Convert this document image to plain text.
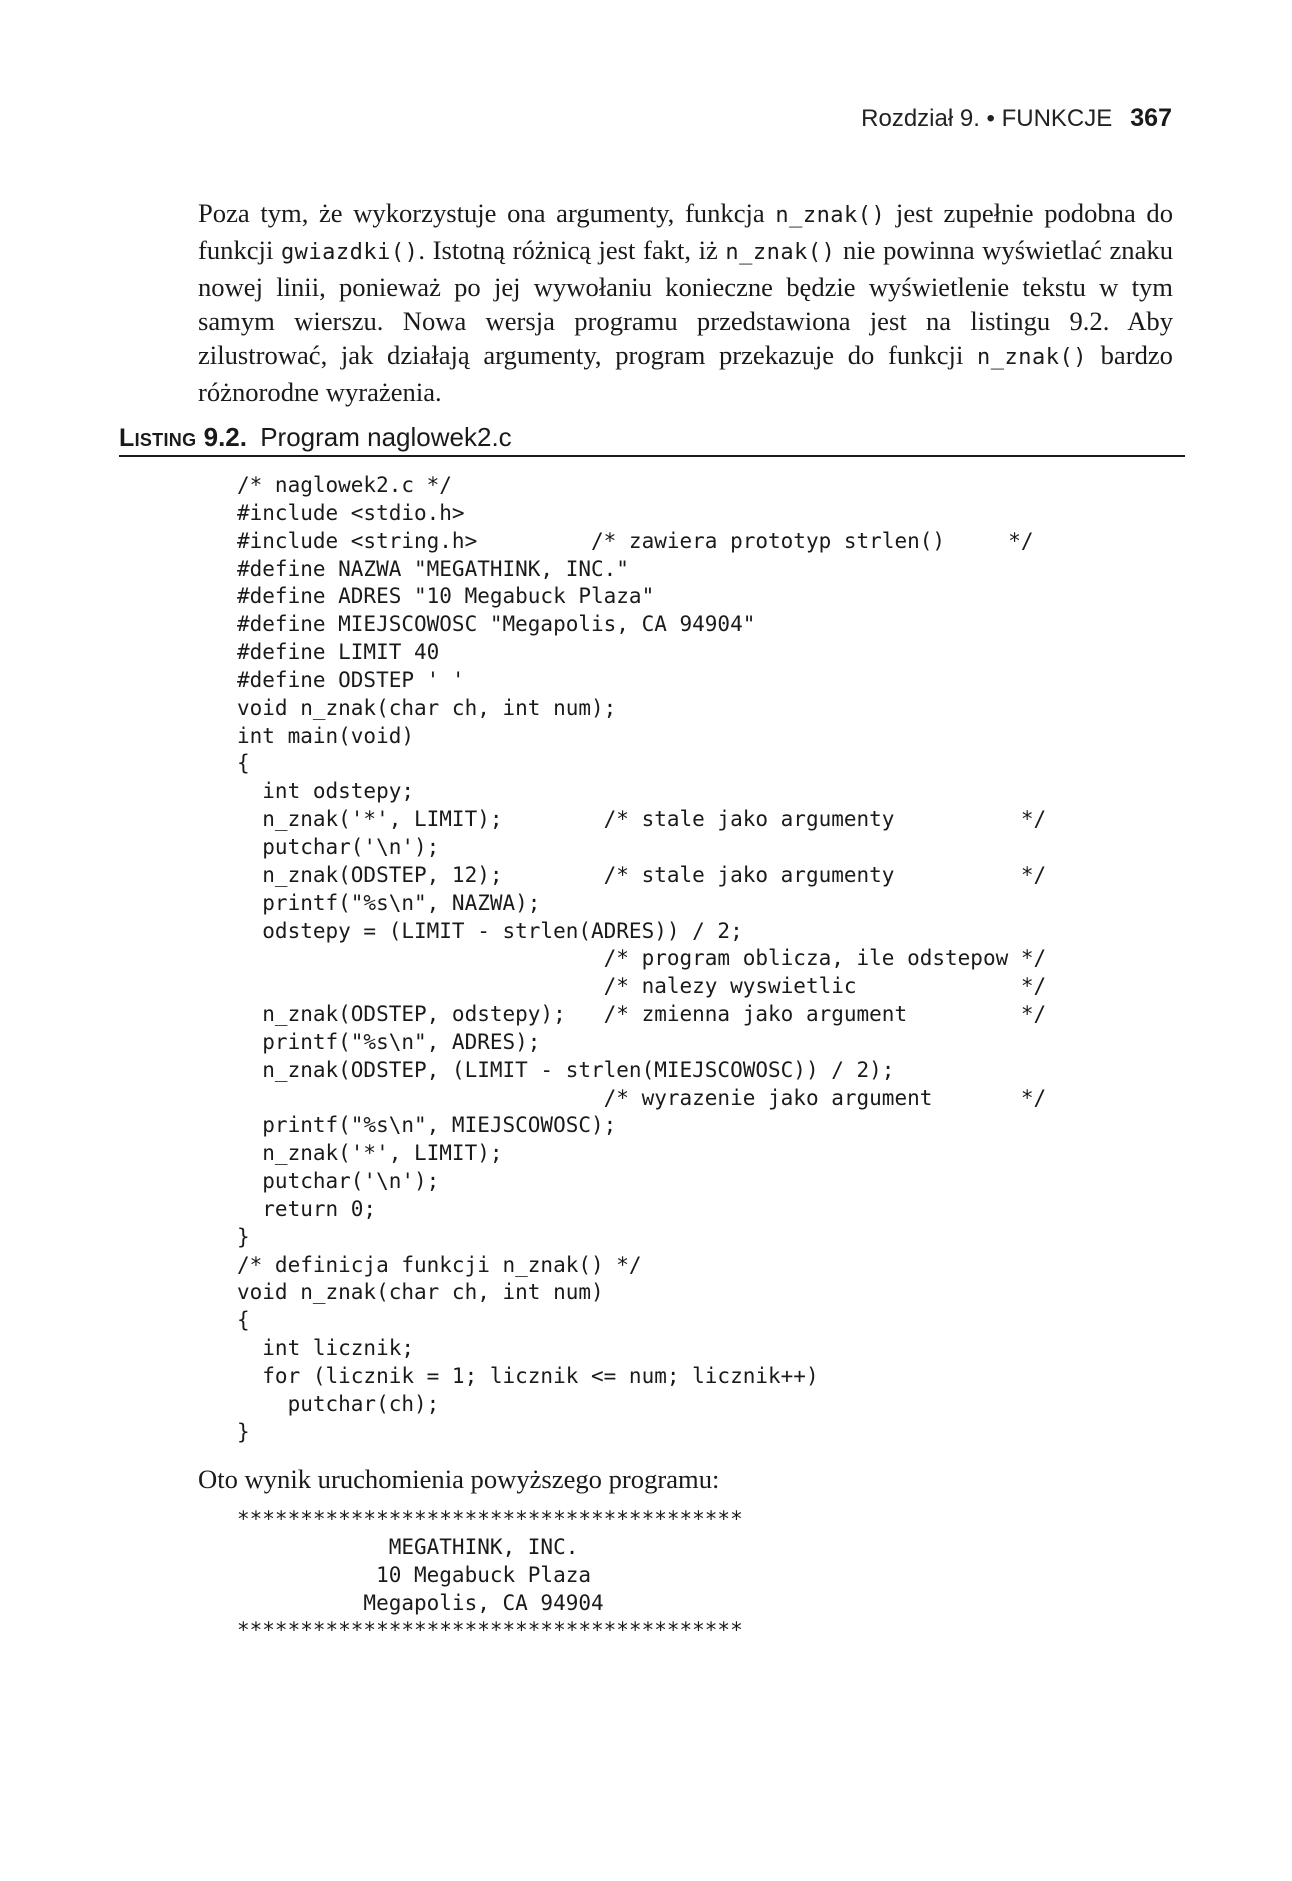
Rozdział 9. • FUNKCJE 367
Poza tym, że wykorzystuje ona argumenty, funkcja n_znak() jest zupełnie podobna do funkcji gwiazdki(). Istotną różnicą jest fakt, iż n_znak() nie powinna wyświetlać znaku nowej linii, ponieważ po jej wywołaniu konieczne będzie wyświetlenie tekstu w tym samym wierszu. Nowa wersja programu przedstawiona jest na listingu 9.2. Aby zilustrować, jak działają argumenty, program przekazuje do funkcji n_znak() bardzo różnorodne wyrażenia.
Listing 9.2. Program naglowek2.c
/* naglowek2.c */
#include <stdio.h>
#include <string.h>         /* zawiera prototyp strlen()     */
#define NAZWA "MEGATHINK, INC."
#define ADRES "10 Megabuck Plaza"
#define MIEJSCOWOSC "Megapolis, CA 94904"
#define LIMIT 40
#define ODSTEP ' '
void n_znak(char ch, int num);
int main(void)
{
int odstepy;
n_znak('*', LIMIT);        /* stale jako argumenty          */
putchar('\n');
n_znak(ODSTEP, 12);        /* stale jako argumenty          */
printf("%s\n", NAZWA);
odstepy = (LIMIT - strlen(ADRES)) / 2;
/* program oblicza, ile odstepow */
/* nalezy wyswietlic             */
n_znak(ODSTEP, odstepy);   /* zmienna jako argument         */
printf("%s\n", ADRES);
n_znak(ODSTEP, (LIMIT - strlen(MIEJSCOWOSC)) / 2);
/* wyrazenie jako argument       */
printf("%s\n", MIEJSCOWOSC);
n_znak('*', LIMIT);
putchar('\n');
return 0;
}
/* definicja funkcji n_znak() */
void n_znak(char ch, int num)
{
int licznik;
for (licznik = 1; licznik <= num; licznik++)
putchar(ch);
}
Oto wynik uruchomienia powyższego programu:
****************************************
MEGATHINK, INC.
10 Megabuck Plaza
Megapolis, CA 94904
****************************************
